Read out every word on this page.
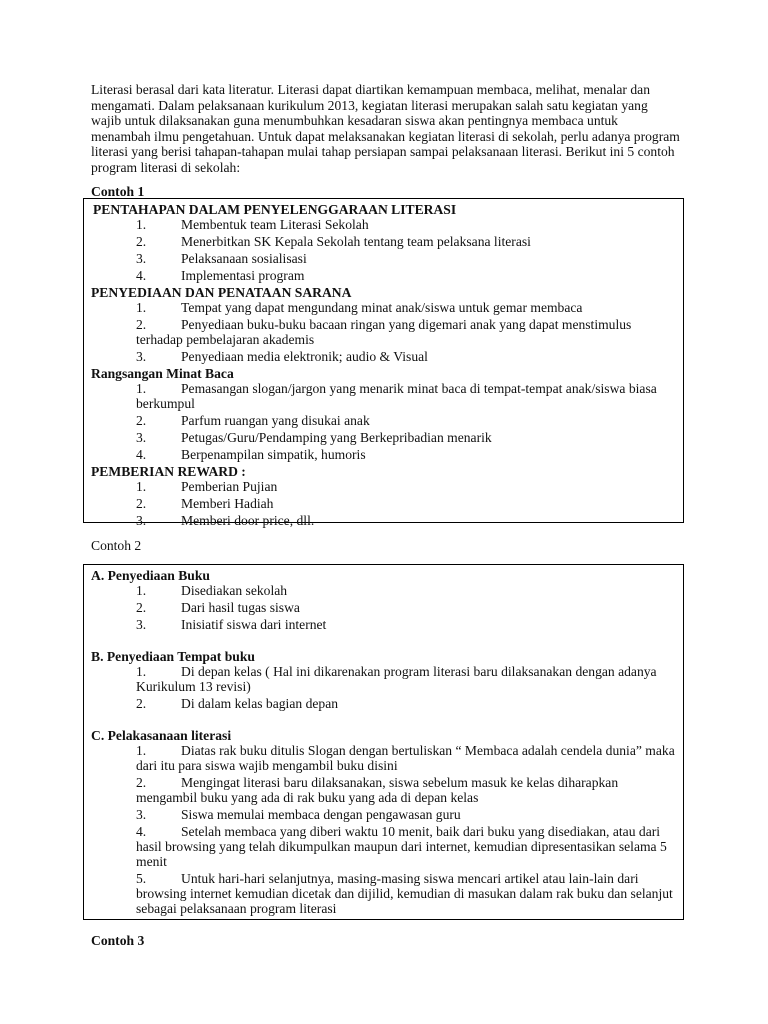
Literasi berasal dari kata literatur. Literasi dapat diartikan kemampuan membaca, melihat, menalar dan mengamati. Dalam pelaksanaan kurikulum 2013, kegiatan literasi merupakan salah satu kegiatan yang wajib untuk dilaksanakan guna menumbuhkan kesadaran siswa akan pentingnya membaca untuk menambah ilmu pengetahuan. Untuk dapat melaksanakan kegiatan literasi di sekolah, perlu adanya program literasi yang berisi tahapan-tahapan mulai tahap persiapan sampai pelaksanaan literasi. Berikut ini 5 contoh program literasi di sekolah:
Contoh 1
PENTAHAPAN DALAM PENYELENGGARAAN LITERASI
1.	Membentuk team Literasi Sekolah
2.	Menerbitkan SK Kepala Sekolah tentang team pelaksana literasi
3.	Pelaksanaan sosialisasi
4.	Implementasi program
PENYEDIAAN DAN PENATAAN SARANA
1.	Tempat yang dapat mengundang minat anak/siswa untuk gemar membaca
2.	Penyediaan buku-buku bacaan ringan yang digemari anak yang dapat menstimulus terhadap pembelajaran akademis
3.	Penyediaan media elektronik; audio & Visual
Rangsangan Minat Baca
1.	Pemasangan slogan/jargon yang menarik minat baca di tempat-tempat anak/siswa biasa berkumpul
2.	Parfum ruangan yang disukai anak
3.	Petugas/Guru/Pendamping yang Berkepribadian menarik
4.	Berpenampilan simpatik, humoris
PEMBERIAN REWARD :
1.	Pemberian Pujian
2.	Memberi Hadiah
3.	Memberi door price, dll.
Contoh 2
A. Penyediaan Buku
1.	Disediakan sekolah
2.	Dari hasil tugas siswa
3.	Inisiatif siswa dari internet
B. Penyediaan Tempat buku
1.	Di depan kelas ( Hal ini dikarenakan program literasi baru dilaksanakan dengan adanya Kurikulum 13 revisi)
2.	Di dalam kelas bagian depan
C. Pelakasanaan literasi
1.	Diatas rak buku ditulis Slogan dengan bertuliskan “ Membaca adalah cendela dunia” maka dari itu para siswa wajib mengambil buku disini
2.	Mengingat literasi baru dilaksanakan, siswa sebelum masuk ke kelas diharapkan mengambil buku yang ada di rak buku yang ada di depan kelas
3.	Siswa memulai membaca dengan pengawasan guru
4.	Setelah membaca yang diberi waktu 10 menit, baik dari buku yang disediakan, atau dari hasil browsing yang telah dikumpulkan maupun dari internet, kemudian dipresentasikan selama 5 menit
5.	Untuk hari-hari selanjutnya, masing-masing siswa mencari artikel atau lain-lain dari browsing internet kemudian dicetak dan dijilid, kemudian di masukan dalam rak buku dan selanjut sebagai pelaksanaan program literasi
Contoh 3
